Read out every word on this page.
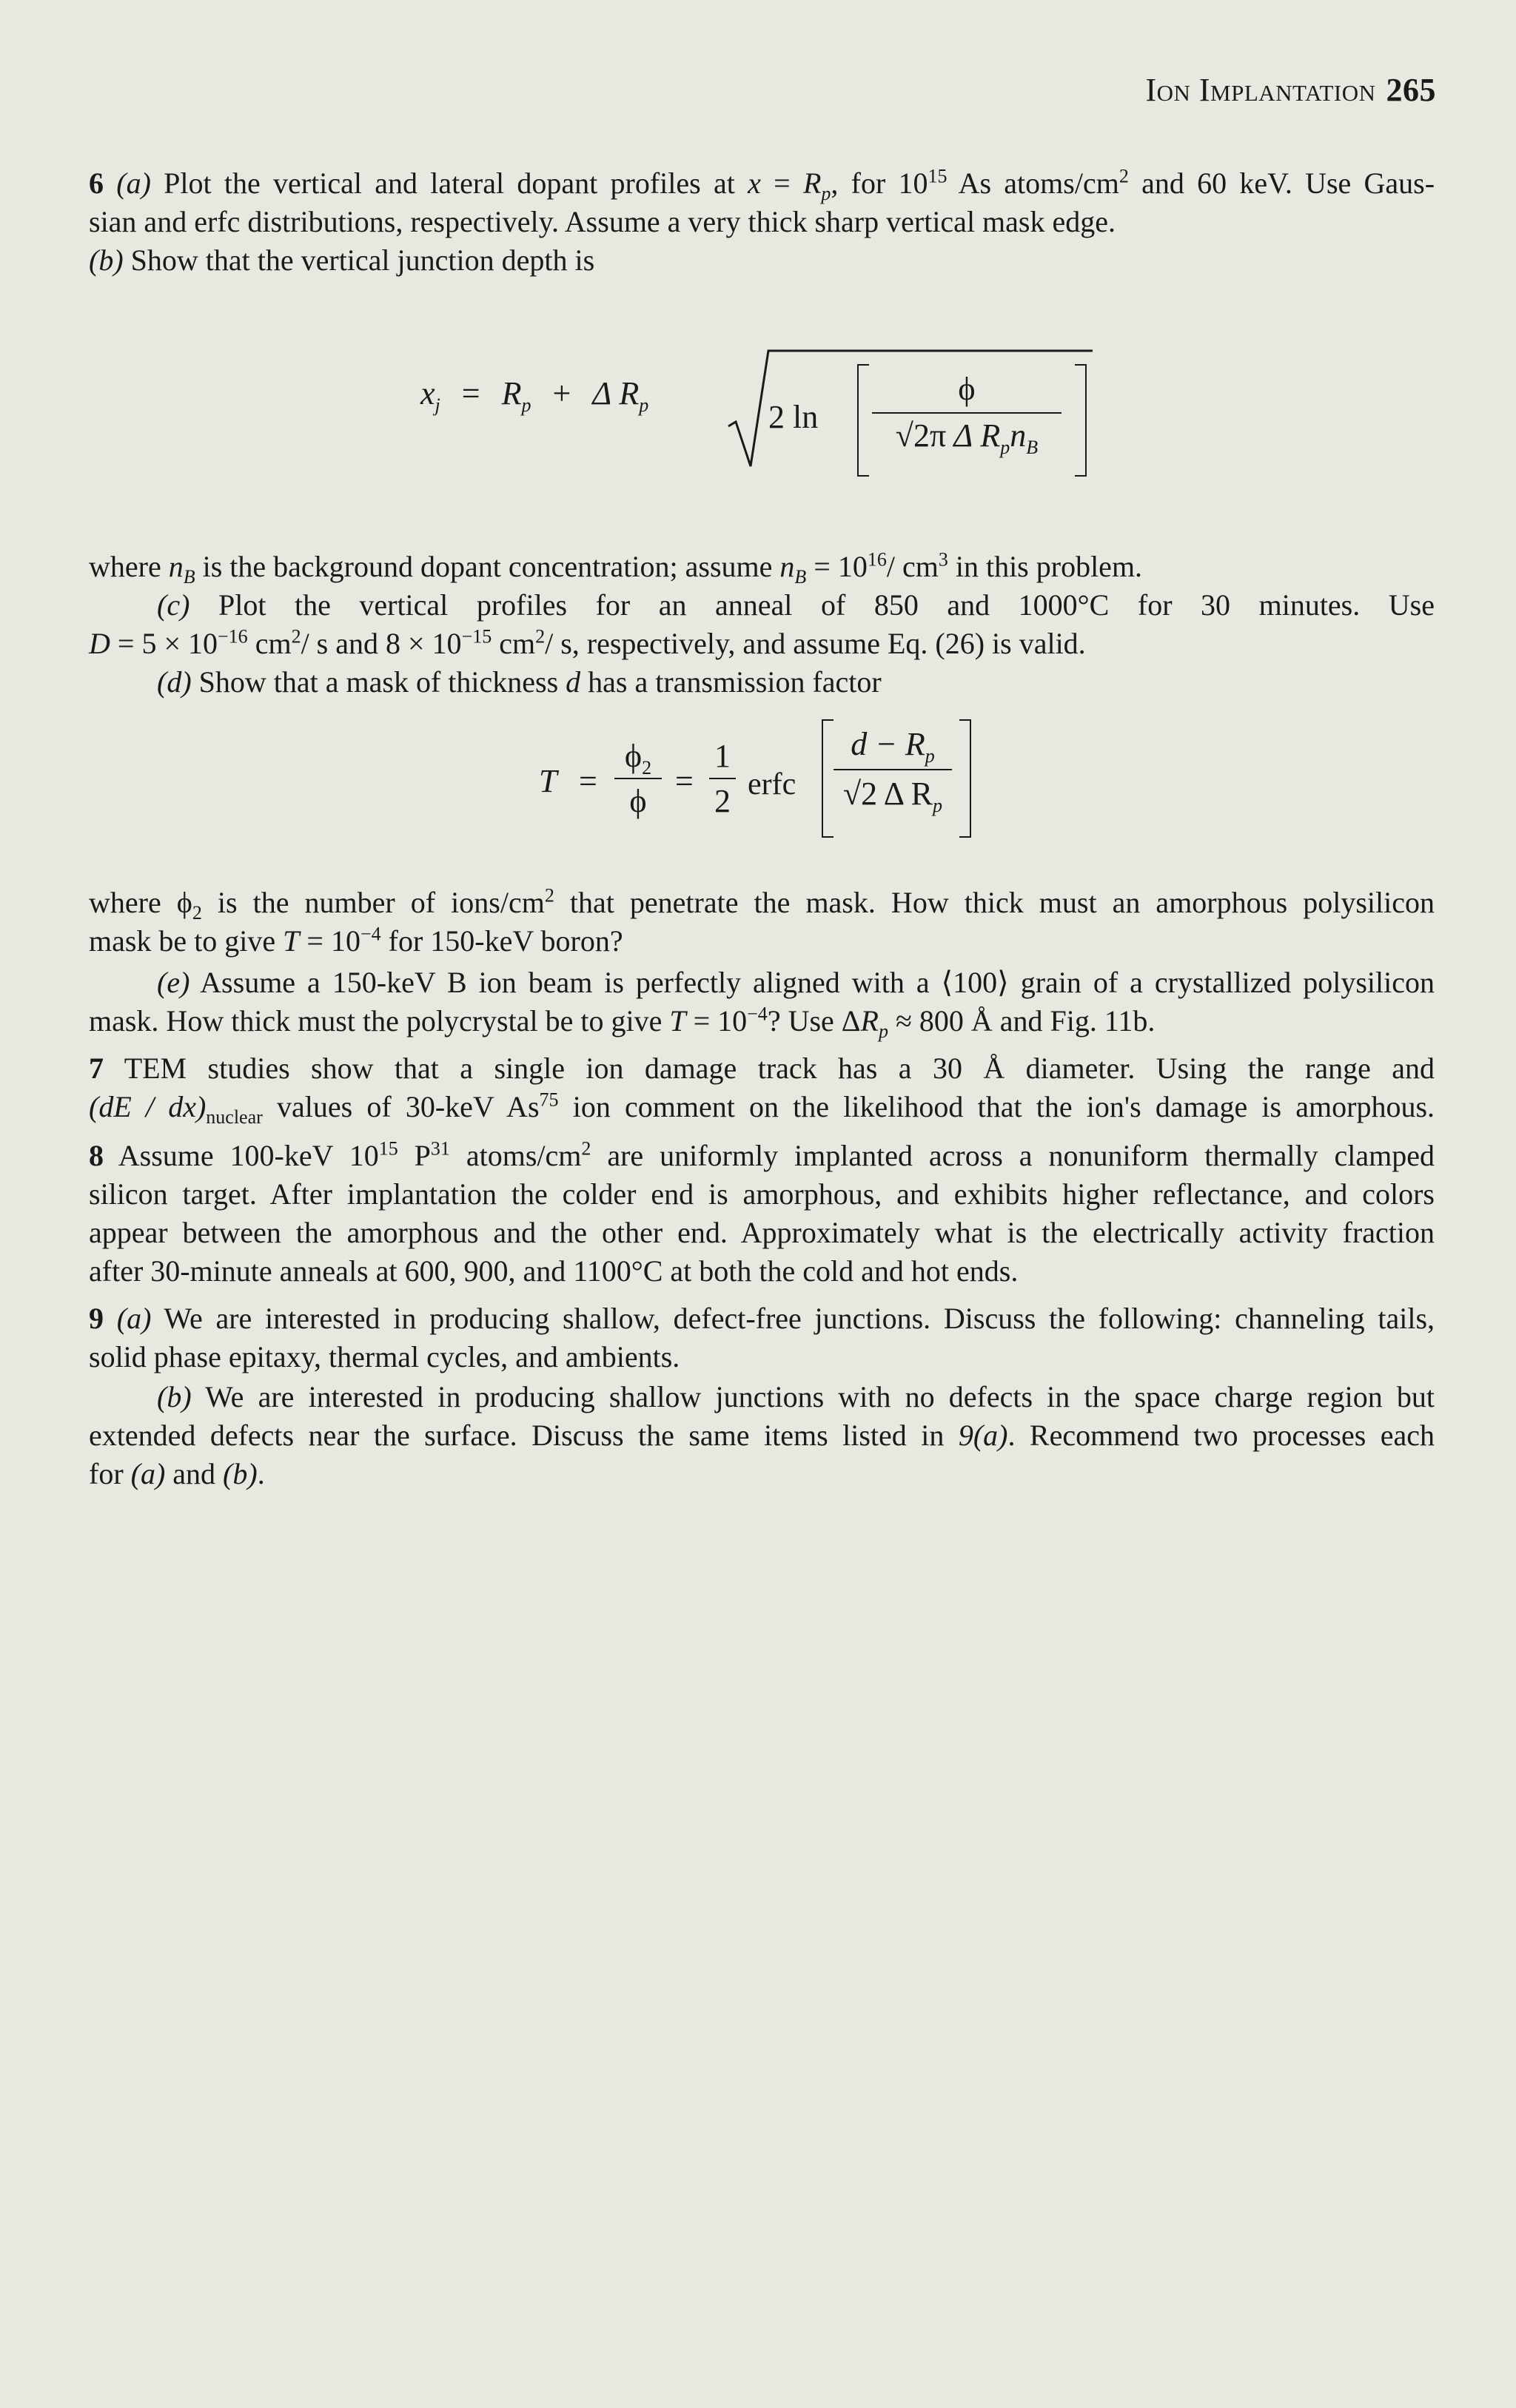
Ion Implantation 265
6 (a) Plot the vertical and lateral dopant profiles at $x = R_p$, for $10^{15}$ As atoms/$cm^2$ and 60 keV. Use Gaus-
sian and erfc distributions, respectively. Assume a very thick sharp vertical mask edge.
(b) Show that the vertical junction depth is
$x_j = R_p + \Delta$ $R_p$	2 ln
ϕ
√2π Δ $R_pn_B$
where $n_B$ is the background dopant concentration; assume $n_B = 10^{16}/$ $cm^3$ in this problem.
(c) Plot the vertical profiles for an anneal of 850 and 1000°C for 30 minutes. Use
$D = 5 \times 10^{-16}$ $cm^2/$ s and $8 \times 10^{-15}$ $cm^2/$ s, respectively, and assume Eq. (26) is valid.
(d) Show that a mask of thickness d has a transmission factor
T =
$\phi_2$
ϕ
= $\frac{1}{2}$ erfc
$d - R_p$
√2 Δ $R_p$
where $\phi_2$ is the number of ions/$cm^2$ that penetrate the mask. How thick must an amorphous polysilicon
mask be to give $T = 10^{-4}$ for 150-keV boron?
(e) Assume a 150-keV B ion beam is perfectly aligned with a ⟨100⟩ grain of a crystallized polysilicon
mask. How thick must the polycrystal be to give $T = 10^{-4}$? Use $\Delta R_p \approx 800$ Å and Fig. 11b.
7 TEM studies show that a single ion damage track has a 30 Å diameter. Using the range and
$(dE / dx)_{nuclear}$ values of 30-keV As$^{75}$ ion comment on the likelihood that the ion's damage is amorphous.
8 Assume 100-keV $10^{15}$ $P^{31}$ atoms/$cm^2$ are uniformly implanted across a nonuniform thermally clamped
silicon target. After implantation the colder end is amorphous, and exhibits higher reflectance, and colors
appear between the amorphous and the other end. Approximately what is the electrically activity fraction
after 30-minute anneals at 600, 900, and 1100°C at both the cold and hot ends.
9 (a) We are interested in producing shallow, defect-free junctions. Discuss the following: channeling tails,
solid phase epitaxy, thermal cycles, and ambients.
(b) We are interested in producing shallow junctions with no defects in the space charge region but
extended defects near the surface. Discuss the same items listed in 9(a). Recommend two processes each
for (a) and (b).
